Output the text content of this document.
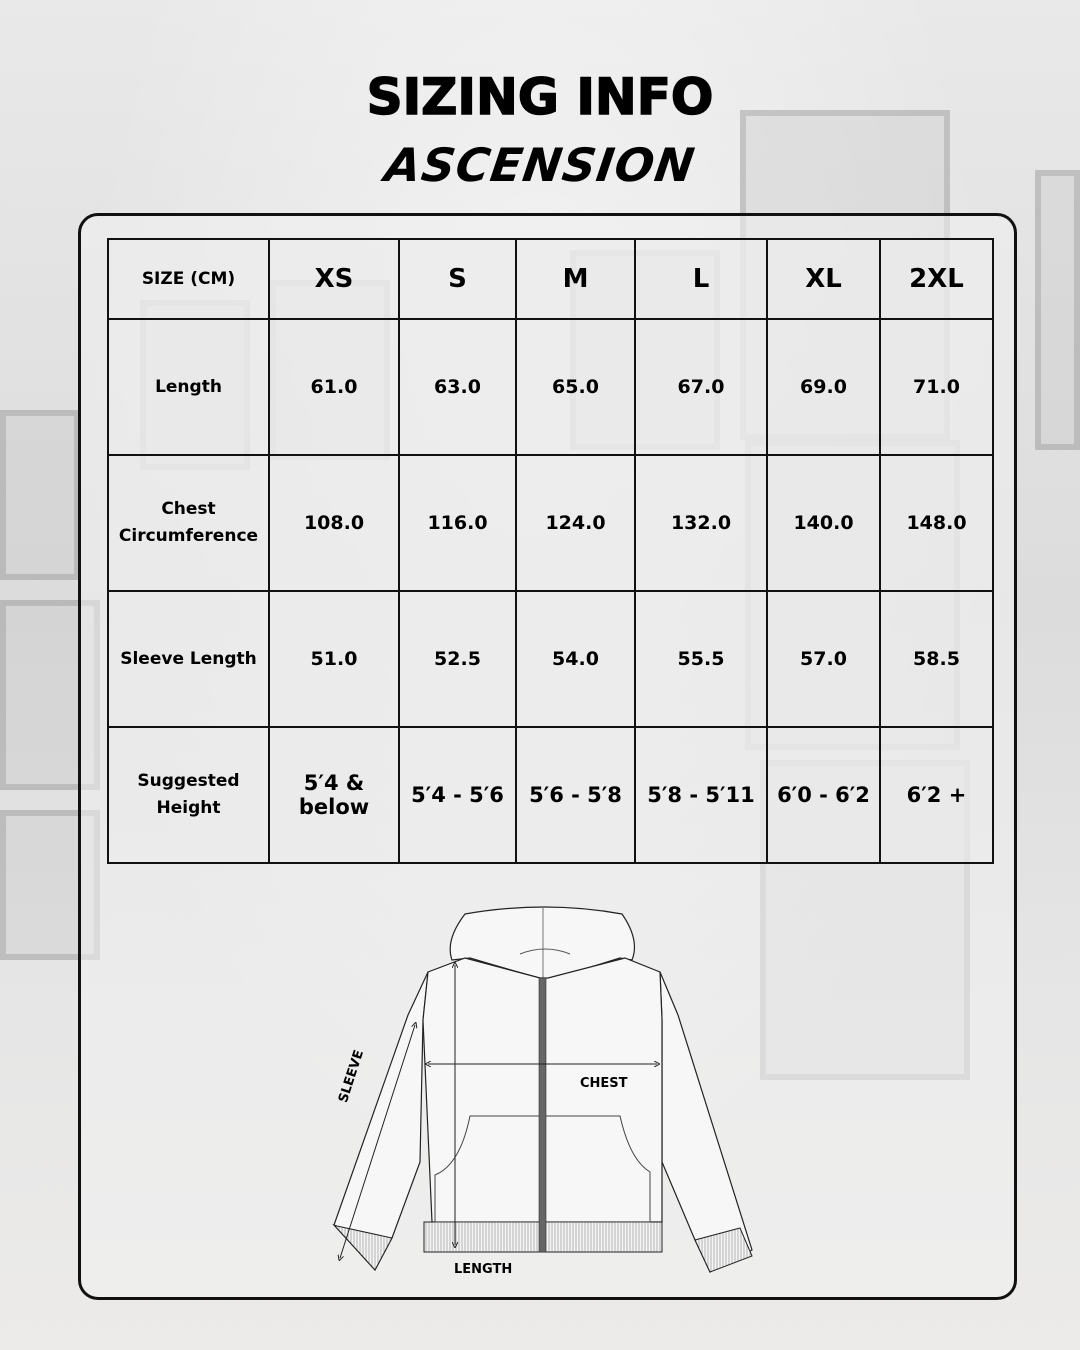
SIZING INFO
ASCENSION
SIZE (CM)	XS	S	M	L	XL	2XL
Length	61.0	63.0	65.0	67.0	69.0	71.0
Chest
Circumference	108.0	116.0	124.0	132.0	140.0	148.0
Sleeve Length	51.0	52.5	54.0	55.5	57.0	58.5
Suggested
Height	5′4 & below	5′4 - 5′6	5′6 - 5′8	5′8 - 5′11	6′0 - 6′2	6′2 +
CHEST
LENGTH
SLEEVE
